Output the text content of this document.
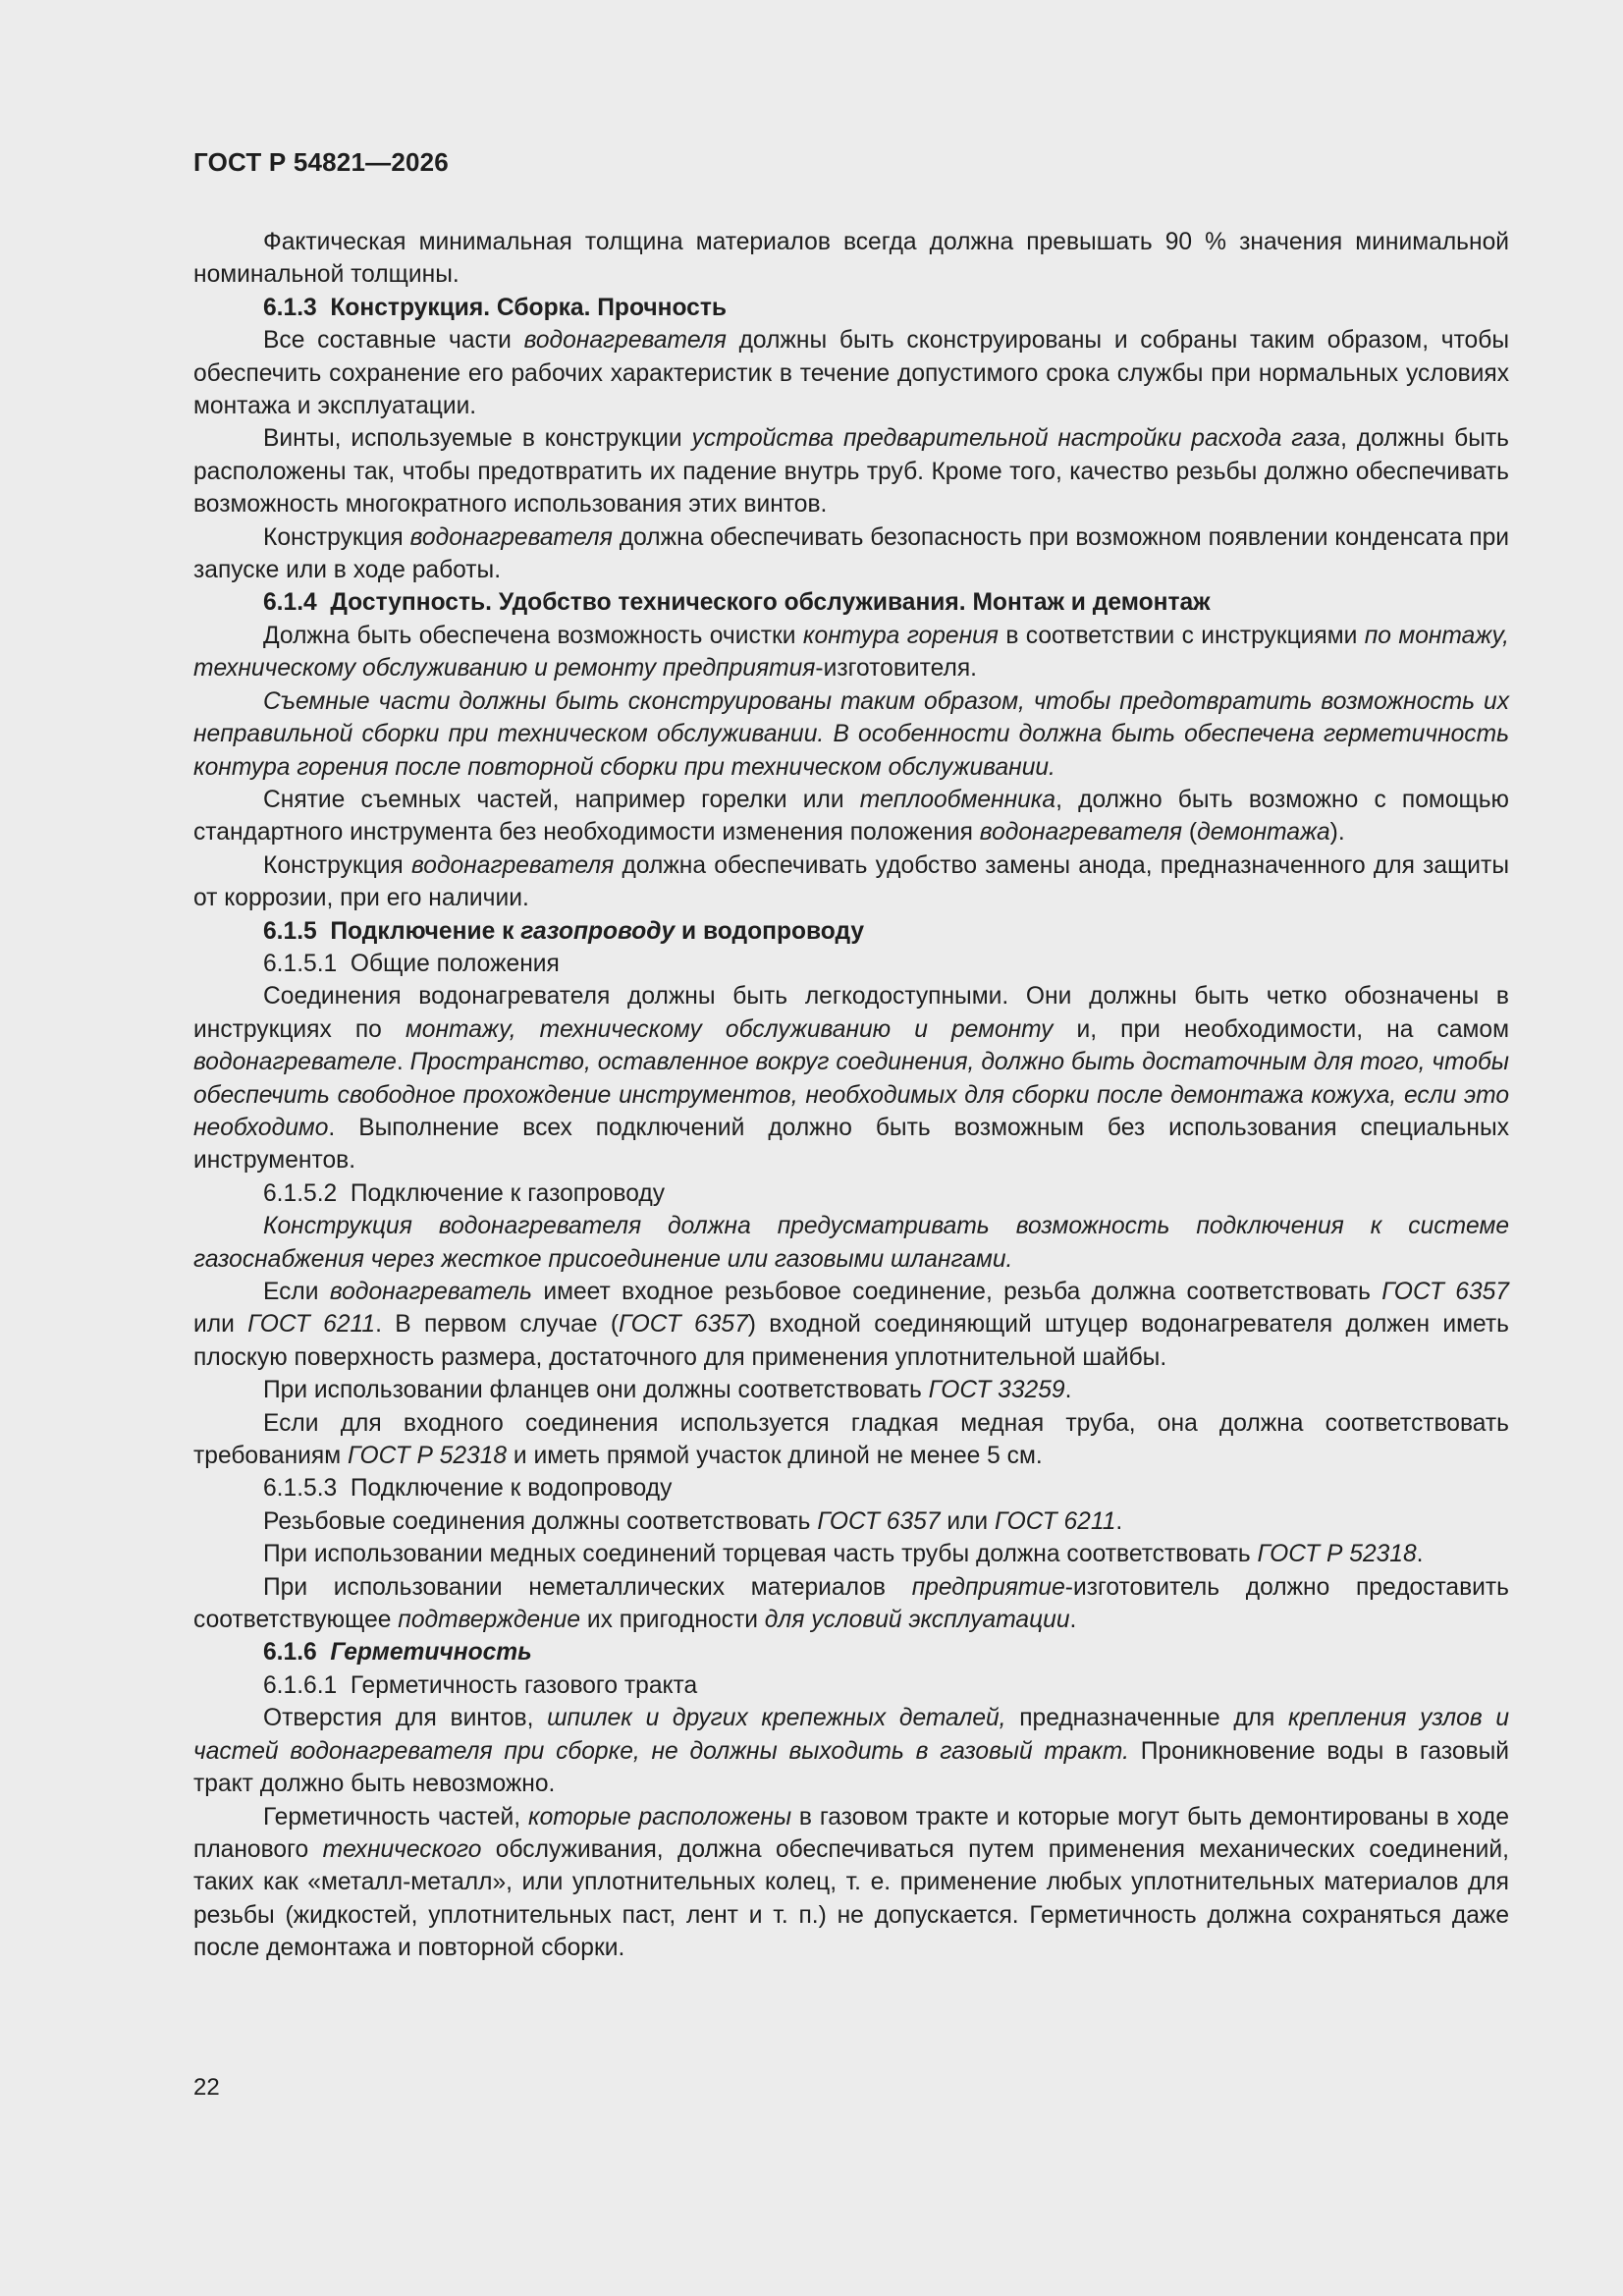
ГОСТ Р 54821—2026

Фактическая минимальная толщина материалов всегда должна превышать 90 % значения минимальной номинальной толщины.

6.1.3  Конструкция. Сборка. Прочность

Все составные части водонагревателя должны быть сконструированы и собраны таким образом, чтобы обеспечить сохранение его рабочих характеристик в течение допустимого срока службы при нормальных условиях монтажа и эксплуатации.

Винты, используемые в конструкции устройства предварительной настройки расхода газа, должны быть расположены так, чтобы предотвратить их падение внутрь труб. Кроме того, качество резьбы должно обеспечивать возможность многократного использования этих винтов.

Конструкция водонагревателя должна обеспечивать безопасность при возможном появлении конденсата при запуске или в ходе работы.

6.1.4  Доступность. Удобство технического обслуживания. Монтаж и демонтаж

Должна быть обеспечена возможность очистки контура горения в соответствии с инструкциями по монтажу, техническому обслуживанию и ремонту предприятия-изготовителя.

Съемные части должны быть сконструированы таким образом, чтобы предотвратить возможность их неправильной сборки при техническом обслуживании. В особенности должна быть обеспечена герметичность контура горения после повторной сборки при техническом обслуживании.

Снятие съемных частей, например горелки или теплообменника, должно быть возможно с помощью стандартного инструмента без необходимости изменения положения водонагревателя (демонтажа).

Конструкция водонагревателя должна обеспечивать удобство замены анода, предназначенного для защиты от коррозии, при его наличии.

6.1.5  Подключение к газопроводу и водопроводу

6.1.5.1  Общие положения

Соединения водонагревателя должны быть легкодоступными. Они должны быть четко обозначены в инструкциях по монтажу, техническому обслуживанию и ремонту и, при необходимости, на самом водонагревателе. Пространство, оставленное вокруг соединения, должно быть достаточным для того, чтобы обеспечить свободное прохождение инструментов, необходимых для сборки после демонтажа кожуха, если это необходимо. Выполнение всех подключений должно быть возможным без использования специальных инструментов.

6.1.5.2  Подключение к газопроводу

Конструкция водонагревателя должна предусматривать возможность подключения к системе газоснабжения через жесткое присоединение или газовыми шлангами.

Если водонагреватель имеет входное резьбовое соединение, резьба должна соответствовать ГОСТ 6357 или ГОСТ 6211. В первом случае (ГОСТ 6357) входной соединяющий штуцер водонагревателя должен иметь плоскую поверхность размера, достаточного для применения уплотнительной шайбы.

При использовании фланцев они должны соответствовать ГОСТ 33259.

Если для входного соединения используется гладкая медная труба, она должна соответствовать требованиям ГОСТ Р 52318 и иметь прямой участок длиной не менее 5 см.

6.1.5.3  Подключение к водопроводу

Резьбовые соединения должны соответствовать ГОСТ 6357 или ГОСТ 6211.

При использовании медных соединений торцевая часть трубы должна соответствовать ГОСТ Р 52318.

При использовании неметаллических материалов предприятие-изготовитель должно предоставить соответствующее подтверждение их пригодности для условий эксплуатации.

6.1.6  Герметичность

6.1.6.1  Герметичность газового тракта

Отверстия для винтов, шпилек и других крепежных деталей, предназначенные для крепления узлов и частей водонагревателя при сборке, не должны выходить в газовый тракт. Проникновение воды в газовый тракт должно быть невозможно.

Герметичность частей, которые расположены в газовом тракте и которые могут быть демонтированы в ходе планового технического обслуживания, должна обеспечиваться путем применения механических соединений, таких как «металл-металл», или уплотнительных колец, т. е. применение любых уплотнительных материалов для резьбы (жидкостей, уплотнительных паст, лент и т. п.) не допускается. Герметичность должна сохраняться даже после демонтажа и повторной сборки.

22
